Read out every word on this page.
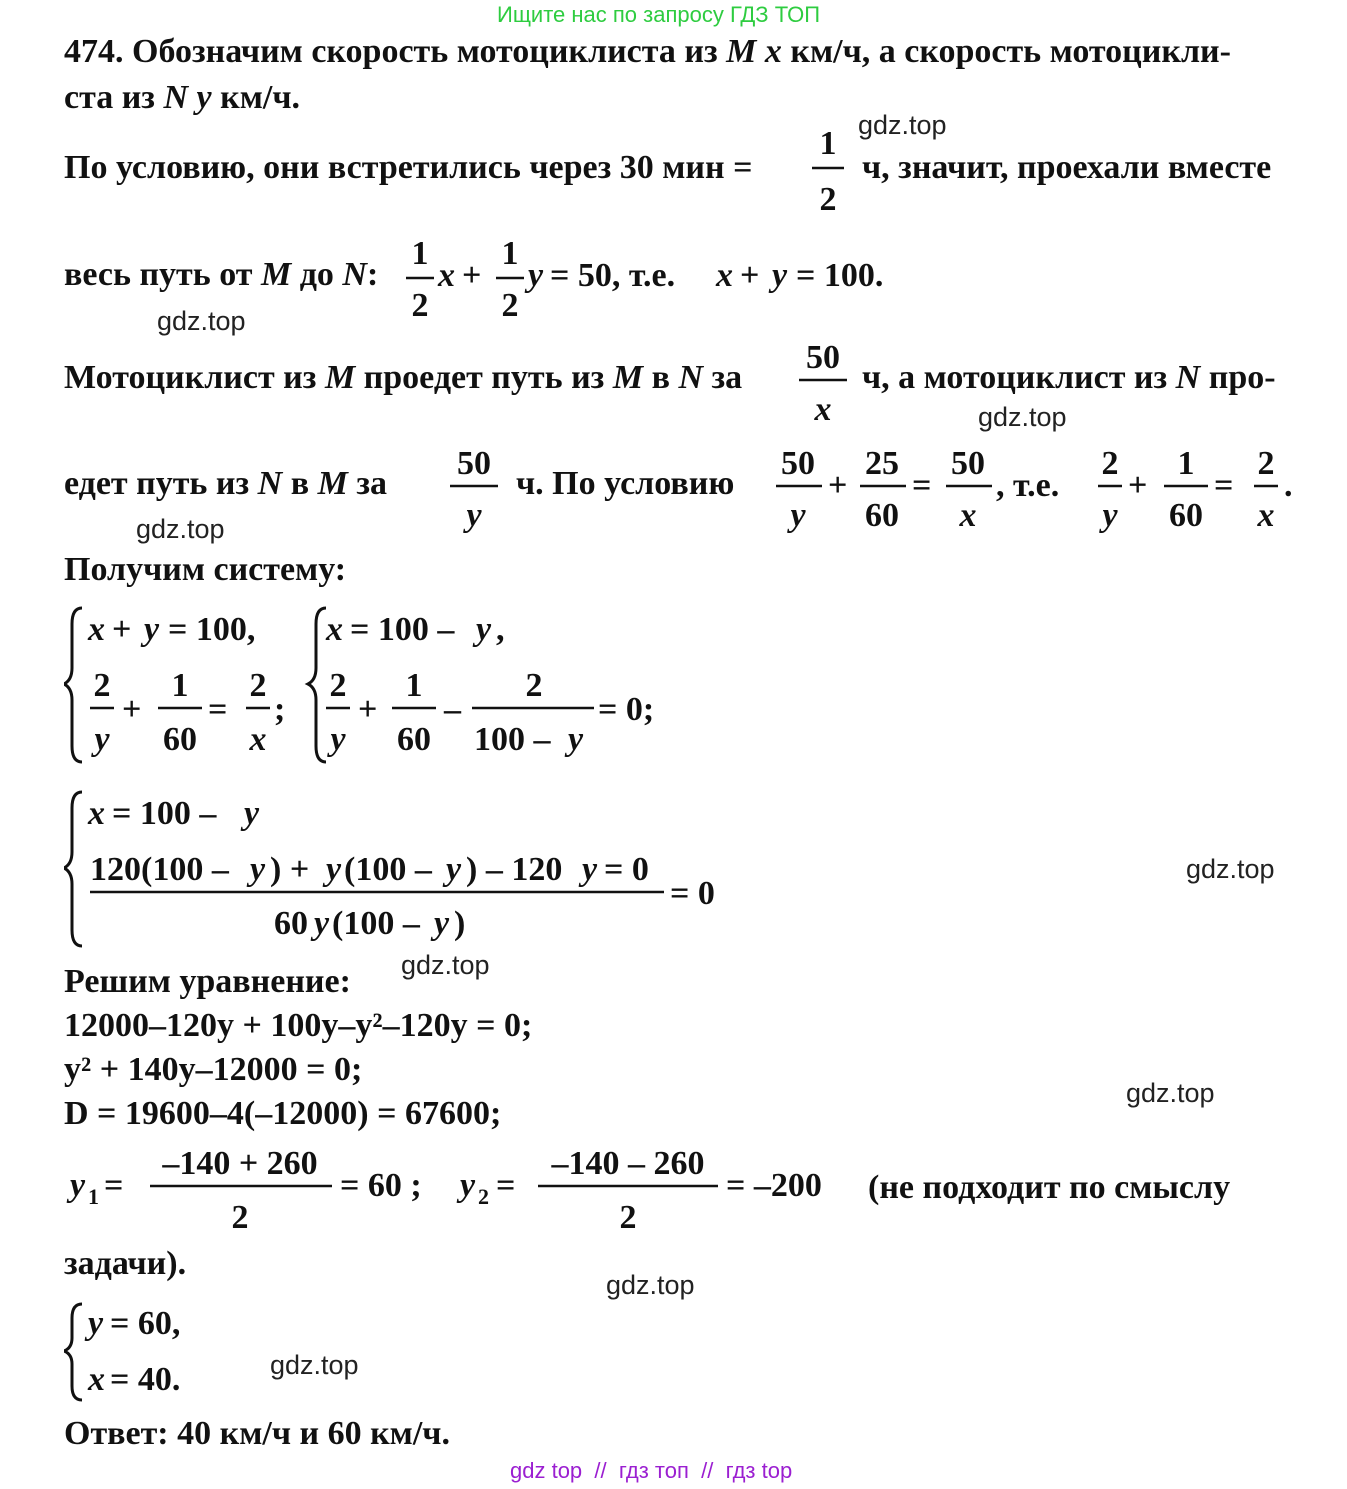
Ищите нас по запросу ГДЗ ТОП
474. Обозначим скорость мотоциклиста из M x км/ч, а скорость мотоцикли-
ста из N y км/ч.
gdz.top
По условию, они встретились через 30 мин =
1
2
ч, значит, проехали вместе
весь путь от M до N:
1
2
x +
1
2
y = 50, т.е. x + y = 100.
gdz.top
Мотоциклист из M проедет путь из M в N за
50
x
ч, а мотоциклист из N про-
gdz.top
едет путь из N в M за
50
y
ч. По условию
50
y
+
25
60
=
50
x
, т.е.
2
y
+
1
60
=
2
x
.
gdz.top
Получим систему:
x + y = 100,
2
y
+
1
60
=
2
x
;
x = 100 – y ,
2
y
+
1
60
–
2
100 – y
= 0;
x = 100 – y
120(100 – y ) + y (100 – y ) – 120 y = 0
60 y (100 – y )
= 0
gdz.top
Решим уравнение: gdz.top
12000–120y + 100y–y²–120y = 0;
y² + 140y–12000 = 0;
D = 19600–4(–12000) = 67600;
gdz.top
y 1 =
–140 + 260
2
= 60 ; y 2 =
–140 – 260
2
= –200 (не подходит по смыслу
задачи).
gdz.top
y = 60,
x = 40.	gdz.top
Ответ: 40 км/ч и 60 км/ч.
gdz top  //  гдз топ  //  гдз top
